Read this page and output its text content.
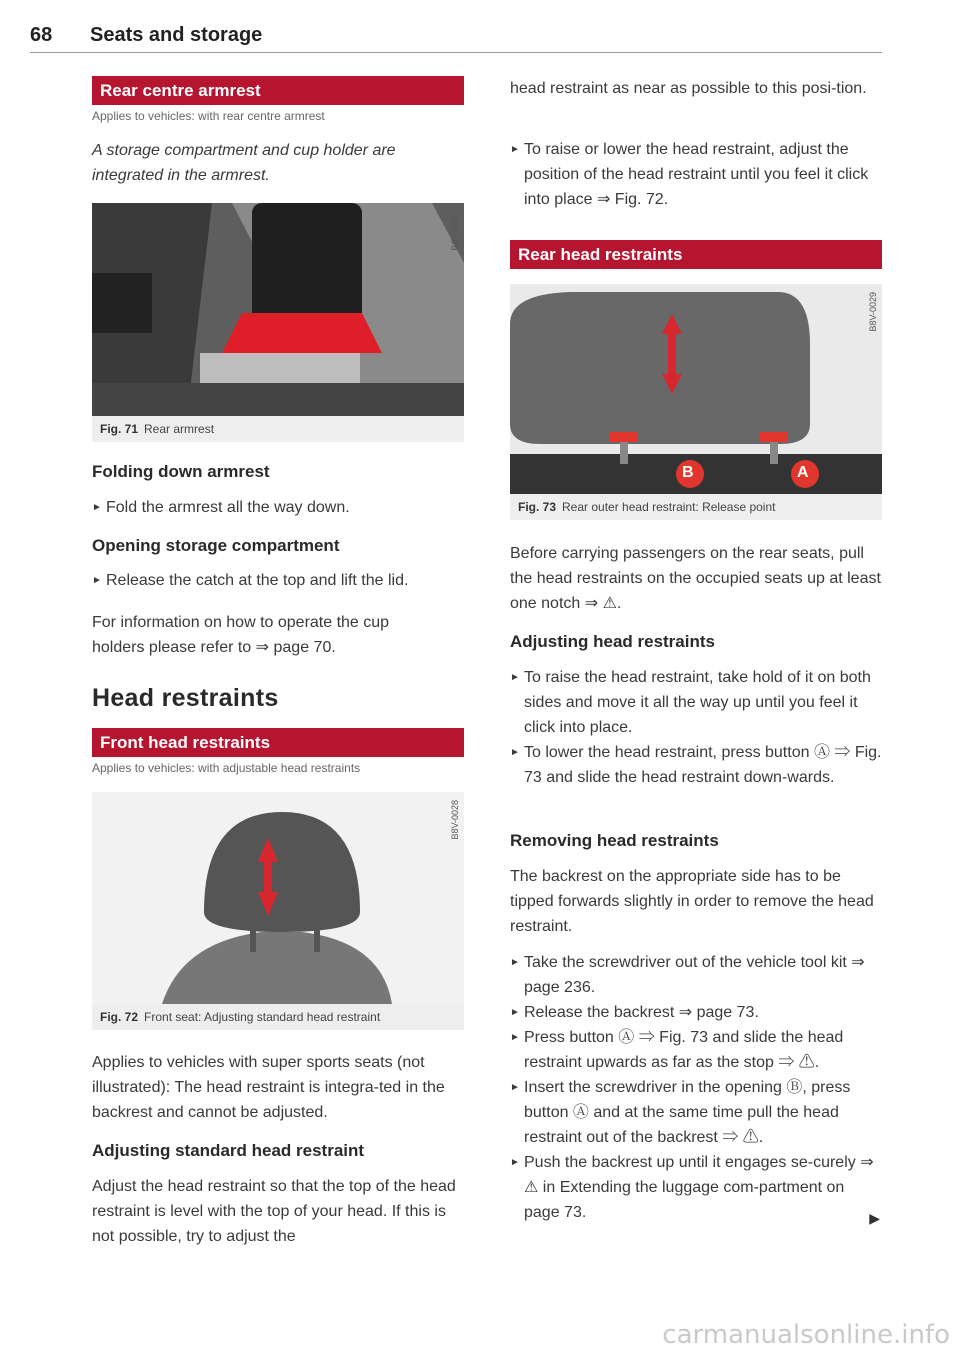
68 Seats and storage
Rear centre armrest
Applies to vehicles: with rear centre armrest
A storage compartment and cup holder are integrated in the armrest.
B8V-0027
Fig. 71 Rear armrest
Folding down armrest
► Fold the armrest all the way down.
Opening storage compartment
► Release the catch at the top and lift the lid.
For information on how to operate the cup
holders please refer to ⇒ page 70.
Head restraints
Front head restraints
Applies to vehicles: with adjustable head restraints
B8V-0028
Fig. 72 Front seat: Adjusting standard head restraint
Applies to vehicles with super sports seats (not illustrated): The head restraint is integra-ted in the backrest and cannot be adjusted.
Adjusting standard head restraint
Adjust the head restraint so that the top of the head restraint is level with the top of your head. If this is not possible, try to adjust the
head restraint as near as possible to this posi-tion.
► To raise or lower the head restraint, adjust the position of the head restraint until you feel it click into place ⇒ Fig. 72.
Rear head restraints
B	A
B8V-0029
Fig. 73 Rear outer head restraint: Release point
Before carrying passengers on the rear seats, pull the head restraints on the occupied seats up at least one notch ⇒ ⚠.
Adjusting head restraints
► To raise the head restraint, take hold of it on both sides and move it all the way up until you feel it click into place.
► To lower the head restraint, press button Ⓐ ⇒ Fig. 73 and slide the head restraint down-wards.
Removing head restraints
The backrest on the appropriate side has to be tipped forwards slightly in order to remove the head restraint.
► Take the screwdriver out of the vehicle tool kit ⇒ page 236.
► Release the backrest ⇒ page 73.
► Press button Ⓐ ⇒ Fig. 73 and slide the head restraint upwards as far as the stop ⇒ ⚠.
► Insert the screwdriver in the opening Ⓑ, press button Ⓐ and at the same time pull the head restraint out of the backrest ⇒ ⚠.
► Push the backrest up until it engages se-curely ⇒ ⚠ in Extending the luggage com-partment on page 73.	▶
carmanualsonline.info
